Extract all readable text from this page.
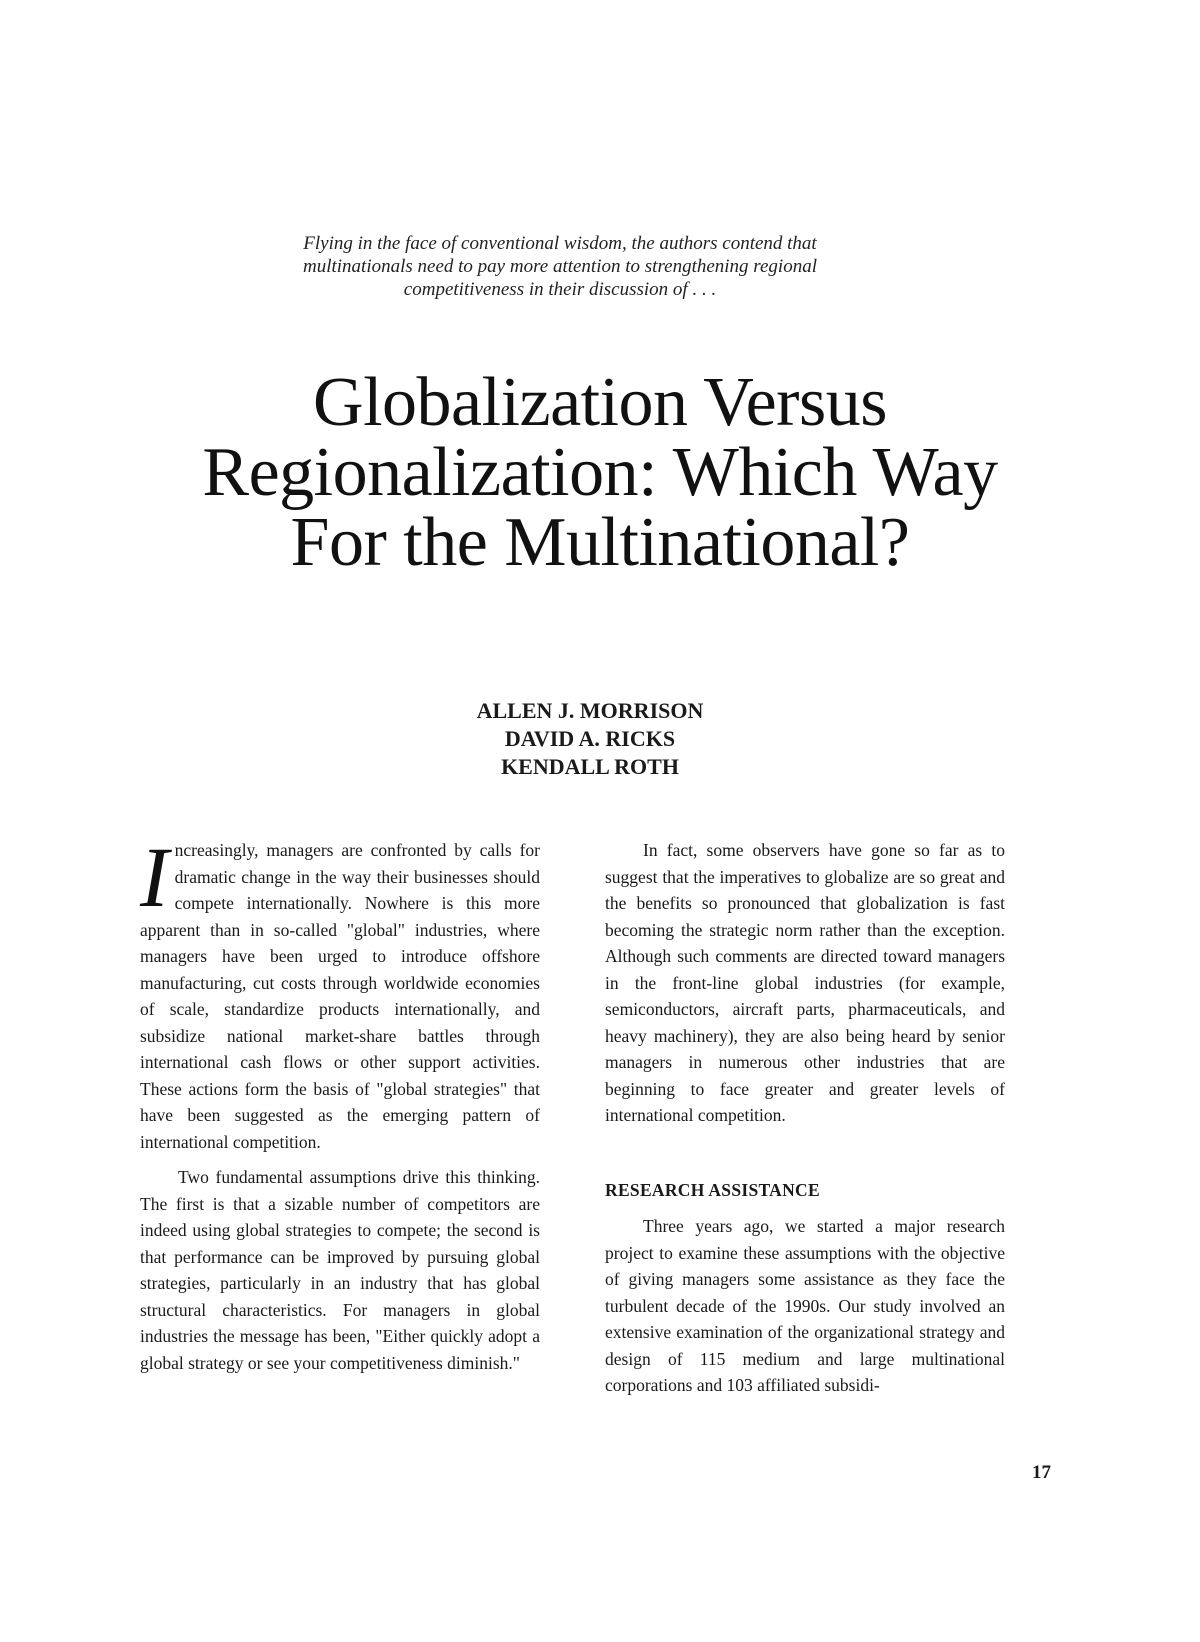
Flying in the face of conventional wisdom, the authors contend that
multinationals need to pay more attention to strengthening regional
competitiveness in their discussion of . . .
Globalization Versus
Regionalization: Which Way
For the Multinational?
ALLEN J. MORRISON
DAVID A. RICKS
KENDALL ROTH

Increasingly, managers are confronted by calls for dramatic change in the way their businesses should compete internationally. Nowhere is this more apparent than in so-called "global" industries, where managers have been urged to introduce offshore manufacturing, cut costs through worldwide economies of scale, standardize products internationally, and subsidize national market-share battles through international cash flows or other support activities. These actions form the basis of "global strategies" that have been suggested as the emerging pattern of international competition.

Two fundamental assumptions drive this thinking. The first is that a sizable number of competitors are indeed using global strategies to compete; the second is that performance can be improved by pursuing global strategies, particularly in an industry that has global structural characteristics. For managers in global industries the message has been, "Either quickly adopt a global strategy or see your competitiveness diminish."

In fact, some observers have gone so far as to suggest that the imperatives to globalize are so great and the benefits so pronounced that globalization is fast becoming the strategic norm rather than the exception. Although such comments are directed toward managers in the front-line global industries (for example, semiconductors, aircraft parts, pharmaceuticals, and heavy machinery), they are also being heard by senior managers in numerous other industries that are beginning to face greater and greater levels of international competition.

RESEARCH ASSISTANCE

Three years ago, we started a major research project to examine these assumptions with the objective of giving managers some assistance as they face the turbulent decade of the 1990s. Our study involved an extensive examination of the organizational strategy and design of 115 medium and large multinational corporations and 103 affiliated subsidi-

17
